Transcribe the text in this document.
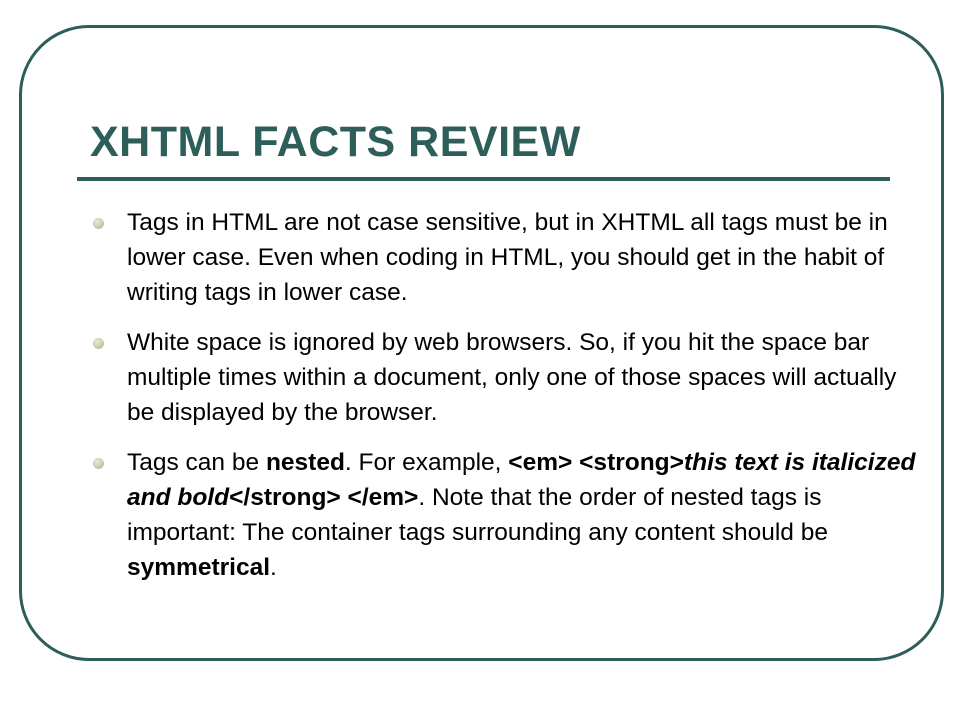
XHTML FACTS REVIEW
Tags in HTML are not case sensitive, but in XHTML all tags must be in lower case. Even when coding in HTML, you should get in the habit of writing tags in lower case.
White space is ignored by web browsers. So, if you hit the space bar multiple times within a document, only one of those spaces will actually be displayed by the browser.
Tags can be nested. For example, <em> <strong>this text is italicized and bold</strong> </em>. Note that the order of nested tags is important: The container tags surrounding any content should be symmetrical.
